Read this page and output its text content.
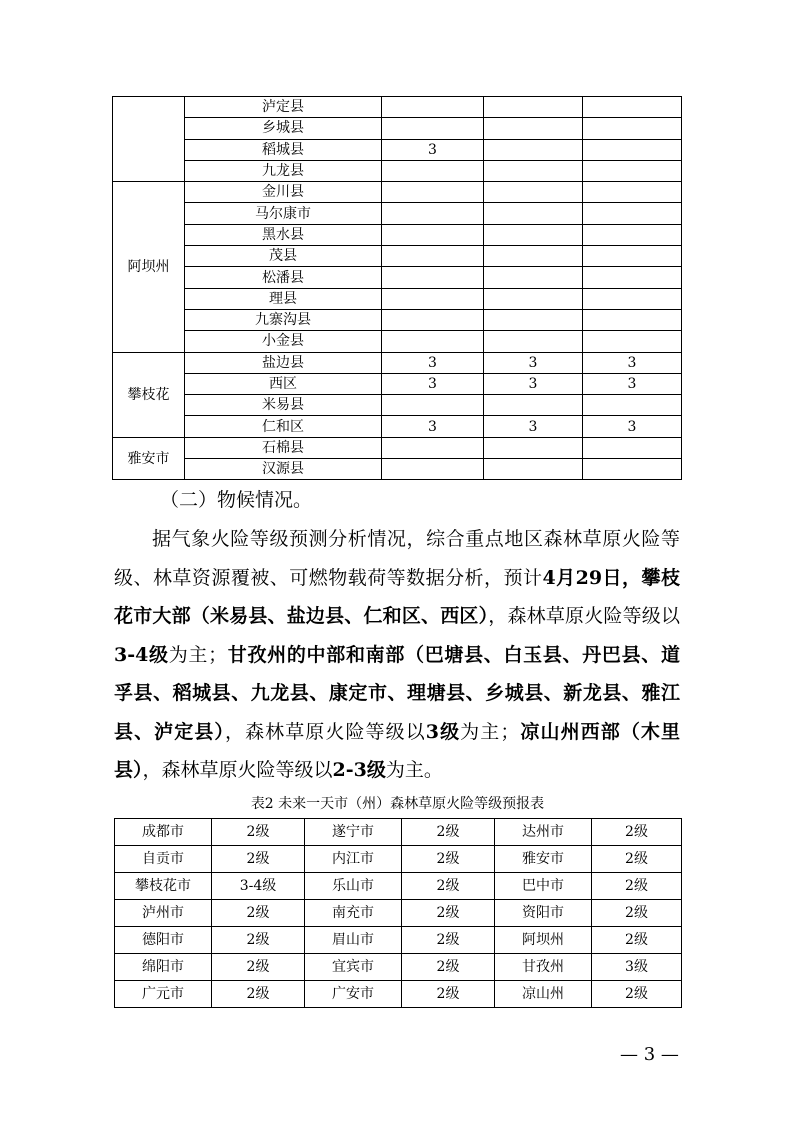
	泸定县			
	乡城县			
	稻城县	3		
	九龙县			
阿坝州	金川县			
	马尔康市			
	黑水县			
	茂县			
	松潘县			
	理县			
	九寨沟县			
	小金县			
攀枝花	盐边县	3	3	3
	西区	3	3	3
	米易县			
	仁和区	3	3	3
雅安市	石棉县			
	汉源县			
（二）物候情况。
据气象火险等级预测分析情况，综合重点地区森林草原火险等级、林草资源覆被、可燃物载荷等数据分析，预计4月29日，攀枝花市大部（米易县、盐边县、仁和区、西区），森林草原火险等级以3-4级为主；甘孜州的中部和南部（巴塘县、白玉县、丹巴县、道孚县、稻城县、九龙县、康定市、理塘县、乡城县、新龙县、雅江县、泸定县），森林草原火险等级以3级为主；凉山州西部（木里县），森林草原火险等级以2-3级为主。
表2 未来一天市（州）森林草原火险等级预报表
成都市	2级	遂宁市	2级	达州市	2级
自贡市	2级	内江市	2级	雅安市	2级
攀枝花市	3-4级	乐山市	2级	巴中市	2级
泸州市	2级	南充市	2级	资阳市	2级
德阳市	2级	眉山市	2级	阿坝州	2级
绵阳市	2级	宜宾市	2级	甘孜州	3级
广元市	2级	广安市	2级	凉山州	2级
— 3 —
